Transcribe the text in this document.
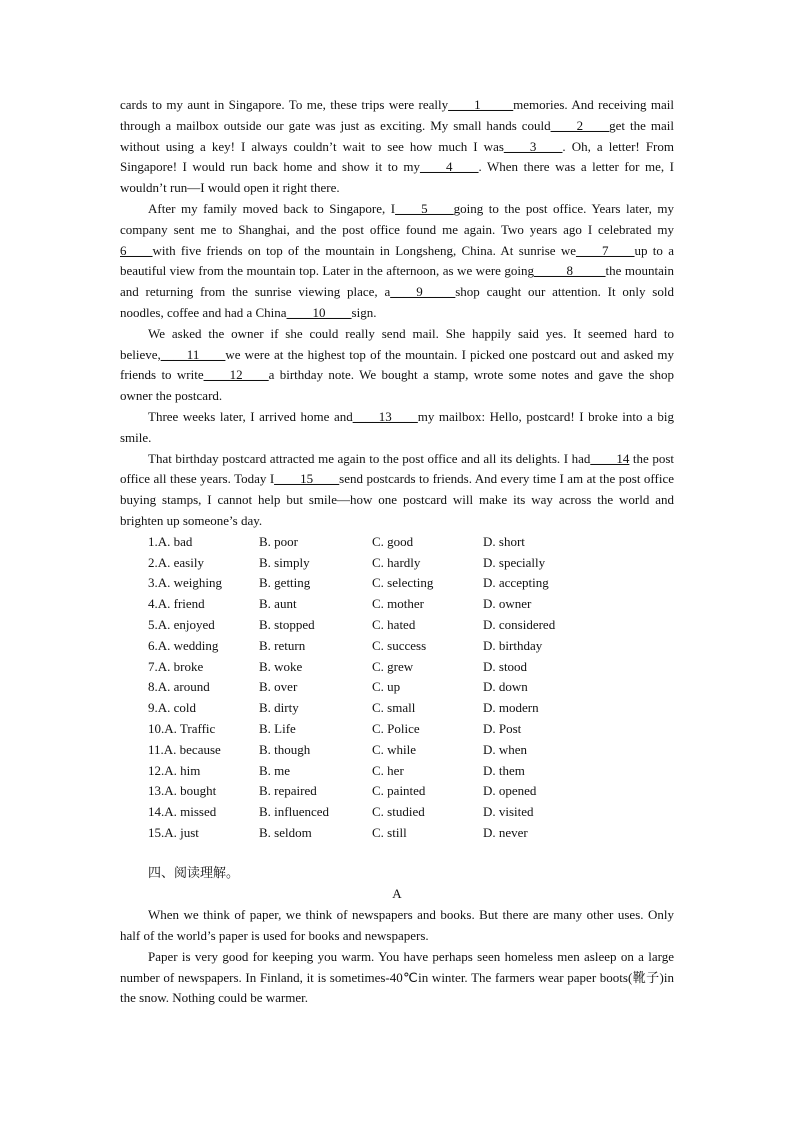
cards to my aunt in Singapore. To me, these trips were really____1_____memories. And receiving mail through a mailbox outside our gate was just as exciting. My small hands could____2____get the mail without using a key! I always couldn’t wait to see how much I was____3____. Oh, a letter! From Singapore! I would run back home and show it to my____4____. When there was a letter for me, I wouldn’t run—I would open it right there.

After my family moved back to Singapore, I____5____going to the post office. Years later, my company sent me to Shanghai, and the post office found me again. Two years ago I celebrated my 6____with five friends on top of the mountain in Longsheng, China. At sunrise we____7____up to a beautiful view from the mountain top. Later in the afternoon, as we were going_____8_____the mountain and returning from the sunrise viewing place, a____9_____shop caught our attention. It only sold noodles, coffee and had a China____10____sign.

We asked the owner if she could really send mail. She happily said yes. It seemed hard to believe,____11____we were at the highest top of the mountain. I picked one postcard out and asked my friends to write____12____a birthday note. We bought a stamp, wrote some notes and gave the shop owner the postcard.

Three weeks later, I arrived home and____13____my mailbox: Hello, postcard! I broke into a big smile.

That birthday postcard attracted me again to the post office and all its delights. I had____14 the post office all these years. Today I____15____send postcards to friends. And every time I am at the post office buying stamps, I cannot help but smile—how one postcard will make its way across the world and brighten up someone’s day.

1.A. bad	B. poor	C. good	D. short
2.A. easily	B. simply	C. hardly	D. specially
3.A. weighing	B. getting	C. selecting	D. accepting
4.A. friend	B. aunt	C. mother	D. owner
5.A. enjoyed	B. stopped	C. hated	D. considered
6.A. wedding	B. return	C. success	D. birthday
7.A. broke	B. woke	C. grew	D. stood
8.A. around	B. over	C. up	D. down
9.A. cold	B. dirty	C. small	D. modern
10.A. Traffic	B. Life	C. Police	D. Post
11.A. because	B. though	C. while	D. when
12.A. him	B. me	C. her	D. them
13.A. bought	B. repaired	C. painted	D. opened
14.A. missed	B. influenced	C. studied	D. visited
15.A. just	B. seldom	C. still	D. never
四、阅读理解。
A

When we think of paper, we think of newspapers and books. But there are many other uses. Only half of the world’s paper is used for books and newspapers.

Paper is very good for keeping you warm. You have perhaps seen homeless men asleep on a large number of newspapers. In Finland, it is sometimes-40℃in winter. The farmers wear paper boots(靴子)in the snow. Nothing could be warmer.
